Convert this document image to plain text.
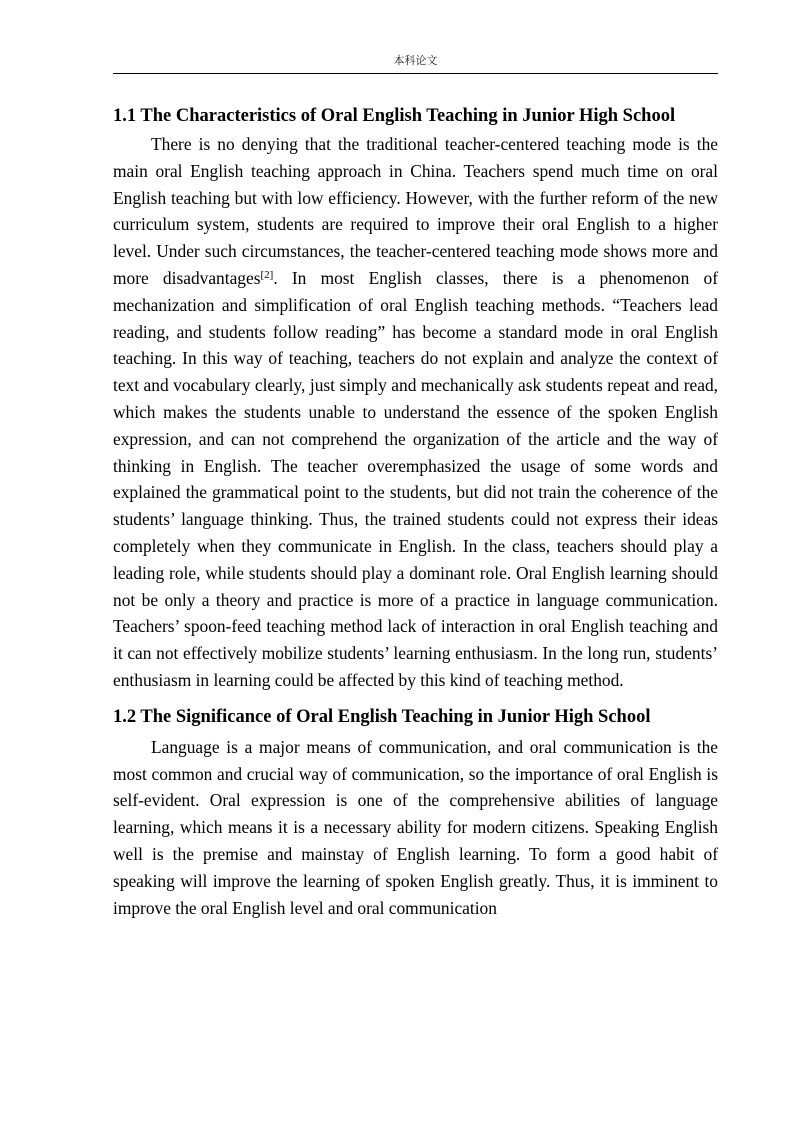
本科论文
1.1 The Characteristics of Oral English Teaching in Junior High School

There is no denying that the traditional teacher-centered teaching mode is the main oral English teaching approach in China. Teachers spend much time on oral English teaching but with low efficiency. However, with the further reform of the new curriculum system, students are required to improve their oral English to a higher level. Under such circumstances, the teacher-centered teaching mode shows more and more disadvantages[2]. In most English classes, there is a phenomenon of mechanization and simplification of oral English teaching methods. “Teachers lead reading, and students follow reading” has become a standard mode in oral English teaching. In this way of teaching, teachers do not explain and analyze the context of text and vocabulary clearly, just simply and mechanically ask students repeat and read, which makes the students unable to understand the essence of the spoken English expression, and can not comprehend the organization of the article and the way of thinking in English. The teacher overemphasized the usage of some words and explained the grammatical point to the students, but did not train the coherence of the students’ language thinking. Thus, the trained students could not express their ideas completely when they communicate in English. In the class, teachers should play a leading role, while students should play a dominant role. Oral English learning should not be only a theory and practice is more of a practice in language communication. Teachers’ spoon-feed teaching method lack of interaction in oral English teaching and it can not effectively mobilize students’ learning enthusiasm. In the long run, students’ enthusiasm in learning could be affected by this kind of teaching method.

1.2 The Significance of Oral English Teaching in Junior High School

Language is a major means of communication, and oral communication is the most common and crucial way of communication, so the importance of oral English is self-evident. Oral expression is one of the comprehensive abilities of language learning, which means it is a necessary ability for modern citizens. Speaking English well is the premise and mainstay of English learning. To form a good habit of speaking will improve the learning of spoken English greatly. Thus, it is imminent to improve the oral English level and oral communication
